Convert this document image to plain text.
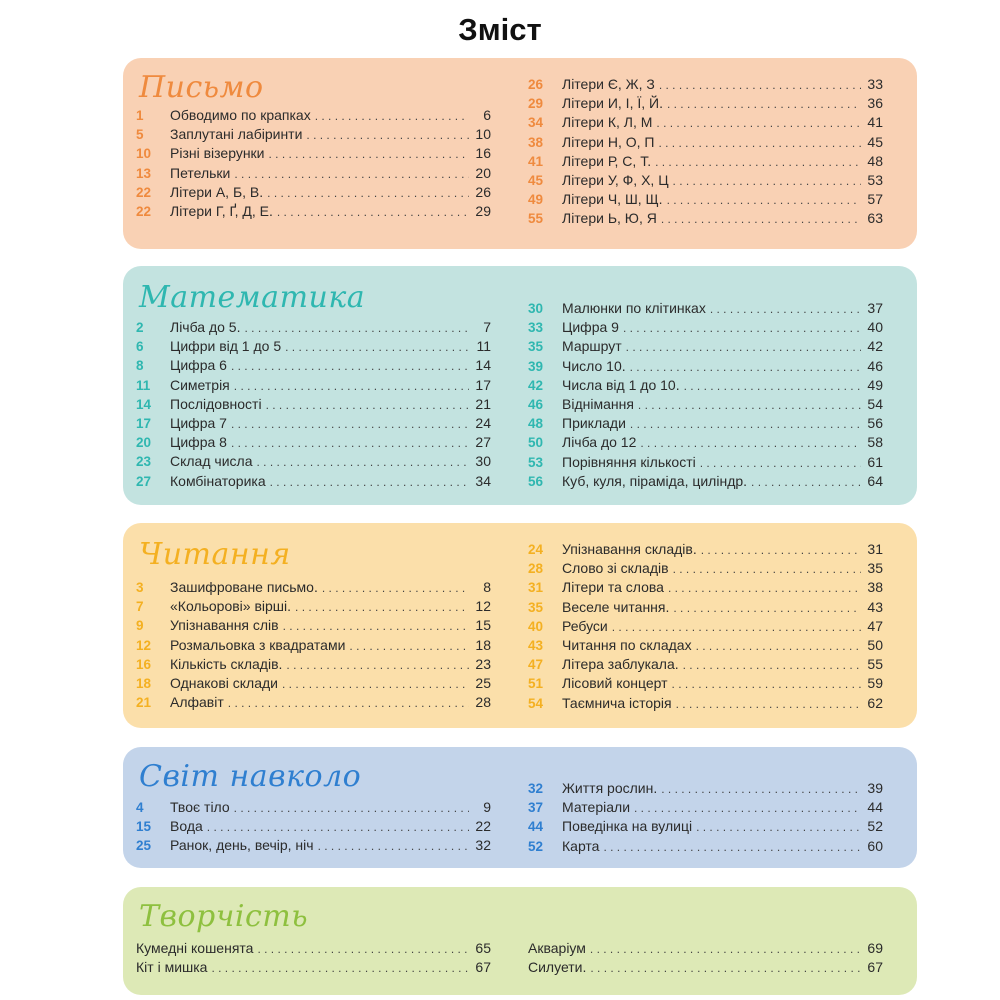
Зміст
Письмо
1	Обводимо по крапках . . .	6
5	Заплутані лабіринти . . .	10
10	Різні візерунки . . .	16
13	Петельки . . .	20
22	Літери А, Б, В. . . .	26
22	Літери Г, Ґ, Д, Е. . . .	29
26	Літери Є, Ж, З . . .	33
29	Літери И, І, Ї, Й. . . .	36
34	Літери К, Л, М . . .	41
38	Літери Н, О, П . . .	45
41	Літери Р, С, Т. . . .	48
45	Літери У, Ф, Х, Ц . . .	53
49	Літери Ч, Ш, Щ. . . .	57
55	Літери Ь, Ю, Я . . .	63
Математика
2	Лічба до 5. . . .	7
6	Цифри від 1 до 5 . . .	11
8	Цифра 6 . . .	14
11	Симетрія . . .	17
14	Послідовності . . .	21
17	Цифра 7 . . .	24
20	Цифра 8 . . .	27
23	Склад числа . . .	30
27	Комбінаторика . . .	34
30	Малюнки по клітинках . . .	37
33	Цифра 9 . . .	40
35	Маршрут . . .	42
39	Число 10. . . .	46
42	Числа від 1 до 10. . . .	49
46	Віднімання . . .	54
48	Приклади . . .	56
50	Лічба до 12 . . .	58
53	Порівняння кількості . . .	61
56	Куб, куля, піраміда, циліндр. . . .	64
Читання
3	Зашифроване письмо. . . .	8
7	«Кольорові» вірші. . . .	12
9	Упізнавання слів . . .	15
12	Розмальовка з квадратами . . .	18
16	Кількість складів. . . .	23
18	Однакові склади . . .	25
21	Алфавіт . . .	28
24	Упізнавання складів. . . .	31
28	Слово зі складів . . .	35
31	Літери та слова . . .	38
35	Веселе читання. . . .	43
40	Ребуси . . .	47
43	Читання по складах . . .	50
47	Літера заблукала. . . .	55
51	Лісовий концерт . . .	59
54	Таємнича історія . . .	62
Світ навколо
4	Твоє тіло . . .	9
15	Вода . . .	22
25	Ранок, день, вечір, ніч . . .	32
32	Життя рослин. . . .	39
37	Матеріали . . .	44
44	Поведінка на вулиці . . .	52
52	Карта . . .	60
Творчість
Кумедні кошенята . . .	65
Кіт і мишка . . .	67
Акваріум . . .	69
Силуети. . . .	67
